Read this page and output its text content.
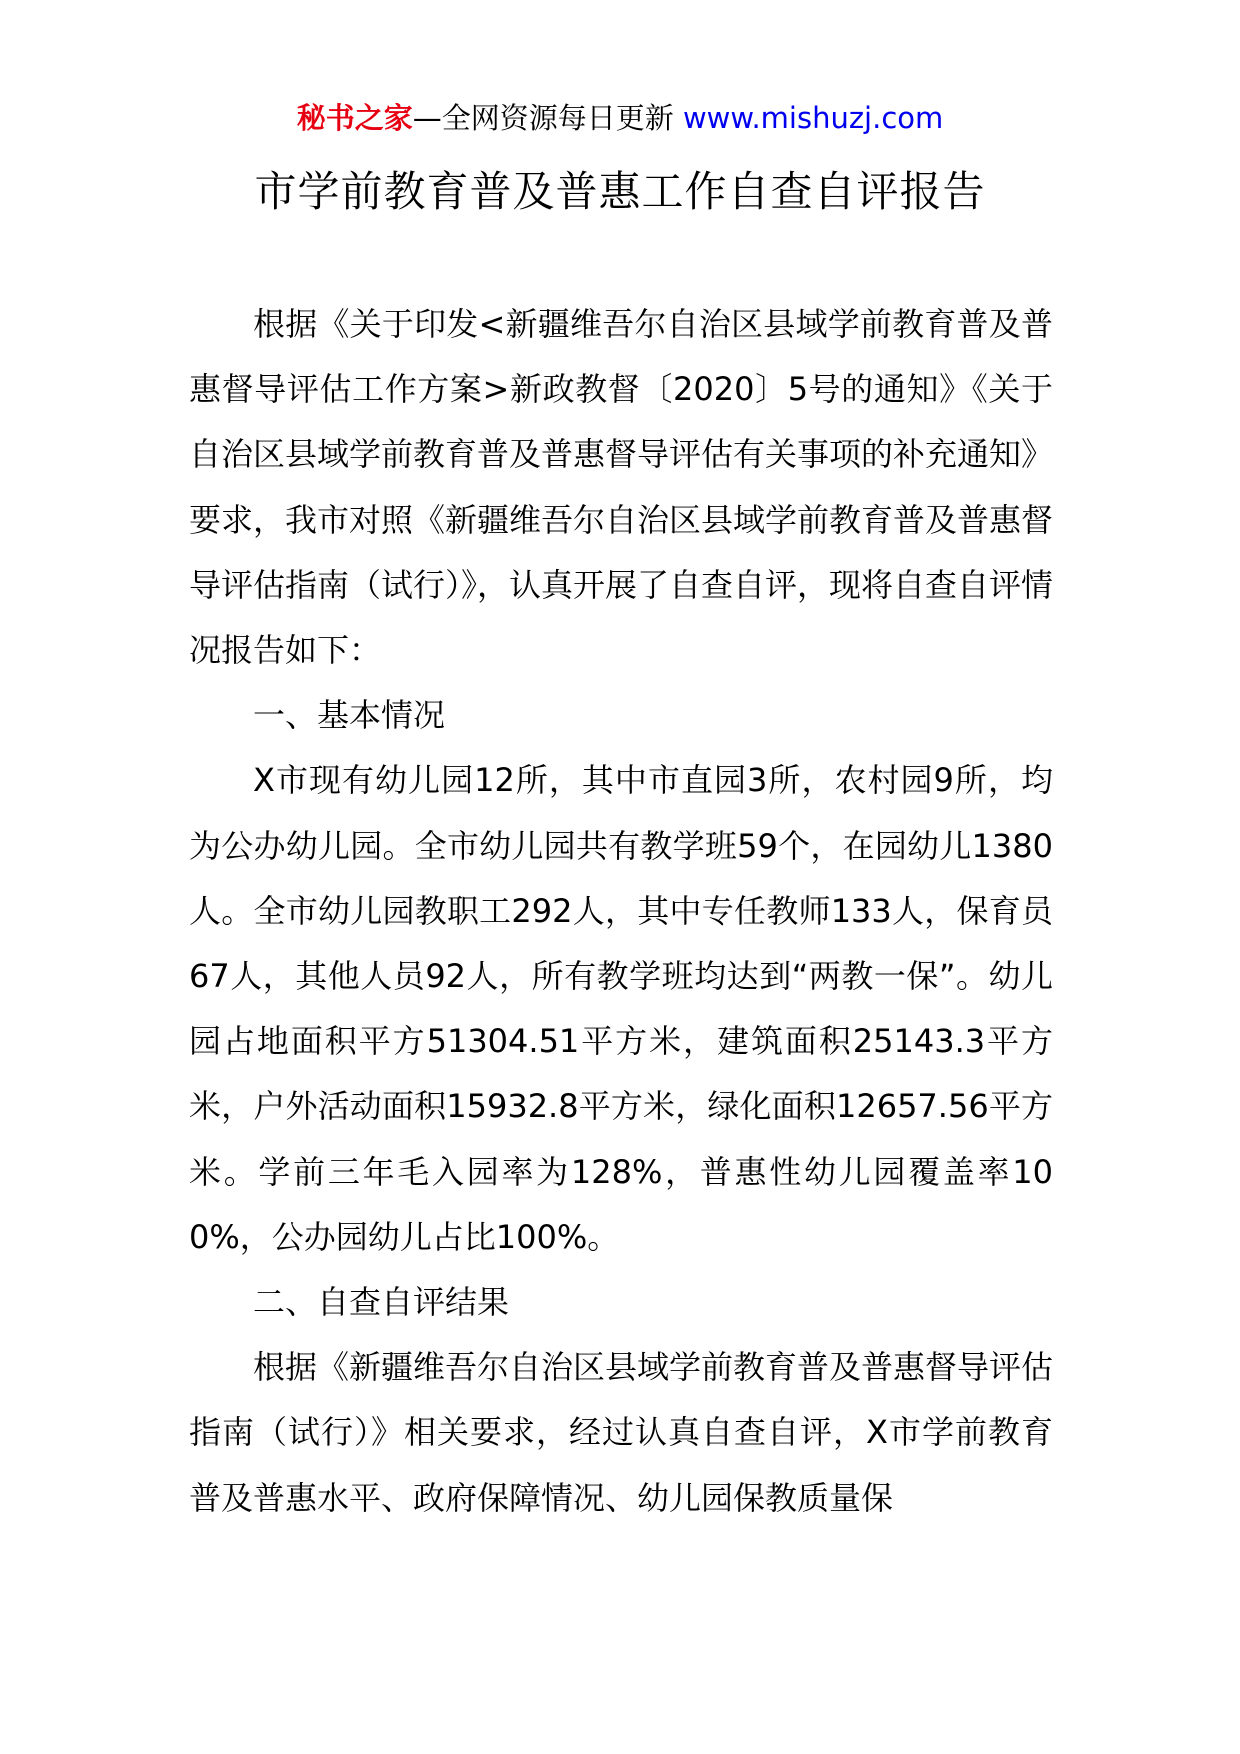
秘书之家—全网资源每日更新 www.mishuzj.com
市学前教育普及普惠工作自查自评报告

根据《关于印发<新疆维吾尔自治区县域学前教育普及普惠督导评估工作方案>新政教督〔2020〕5号的通知》《关于自治区县域学前教育普及普惠督导评估有关事项的补充通知》要求，我市对照《新疆维吾尔自治区县域学前教育普及普惠督导评估指南（试行）》，认真开展了自查自评，现将自查自评情况报告如下：

一、基本情况

X市现有幼儿园12所，其中市直园3所，农村园9所，均为公办幼儿园。全市幼儿园共有教学班59个，在园幼儿1380人。全市幼儿园教职工292人，其中专任教师133人，保育员67人，其他人员92人，所有教学班均达到“两教一保”。幼儿园占地面积平方51304.51平方米，建筑面积25143.3平方米，户外活动面积15932.8平方米，绿化面积12657.56平方米。学前三年毛入园率为128%，普惠性幼儿园覆盖率100%，公办园幼儿占比100%。

二、自查自评结果

根据《新疆维吾尔自治区县域学前教育普及普惠督导评估指南（试行）》相关要求，经过认真自查自评，X市学前教育普及普惠水平、政府保障情况、幼儿园保教质量保
